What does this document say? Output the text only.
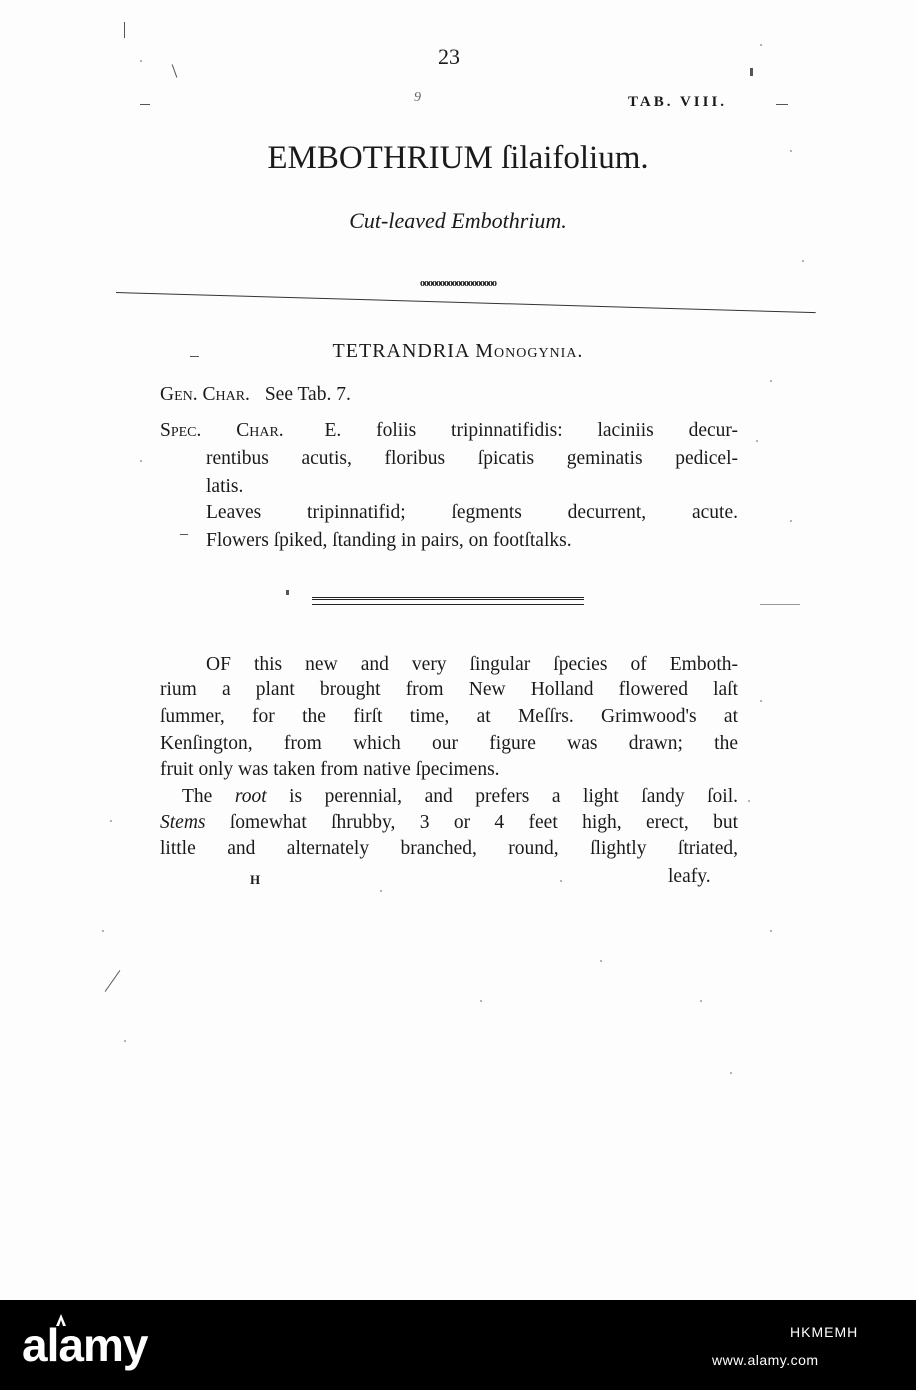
23
9	TAB. VIII.
EMBOTHRIUM ſilaifolium.
Cut-leaved Embothrium.
ooooooooooooooooooo
TETRANDRIA Monogynia.
Gen. Char. See Tab. 7.
Spec. Char. E. foliis tripinnatifidis: laciniis decur-
rentibus acutis, floribus ſpicatis geminatis pedicel-
latis.
Leaves tripinnatifid; ſegments decurrent, acute.
Flowers ſpiked, ſtanding in pairs, on footſtalks.
OF this new and very ſingular ſpecies of Emboth-
rium a plant brought from New Holland flowered laſt
ſummer, for the firſt time, at Meſſrs. Grimwood's at
Kenſington, from which our figure was drawn; the
fruit only was taken from native ſpecimens.
The root is perennial, and prefers a light ſandy ſoil.
Stems ſomewhat ſhrubby, 3 or 4 feet high, erect, but
little and alternately branched, round, ſlightly ſtriated,
H	leafy.
alamy	HKMEMH
www.alamy.com
